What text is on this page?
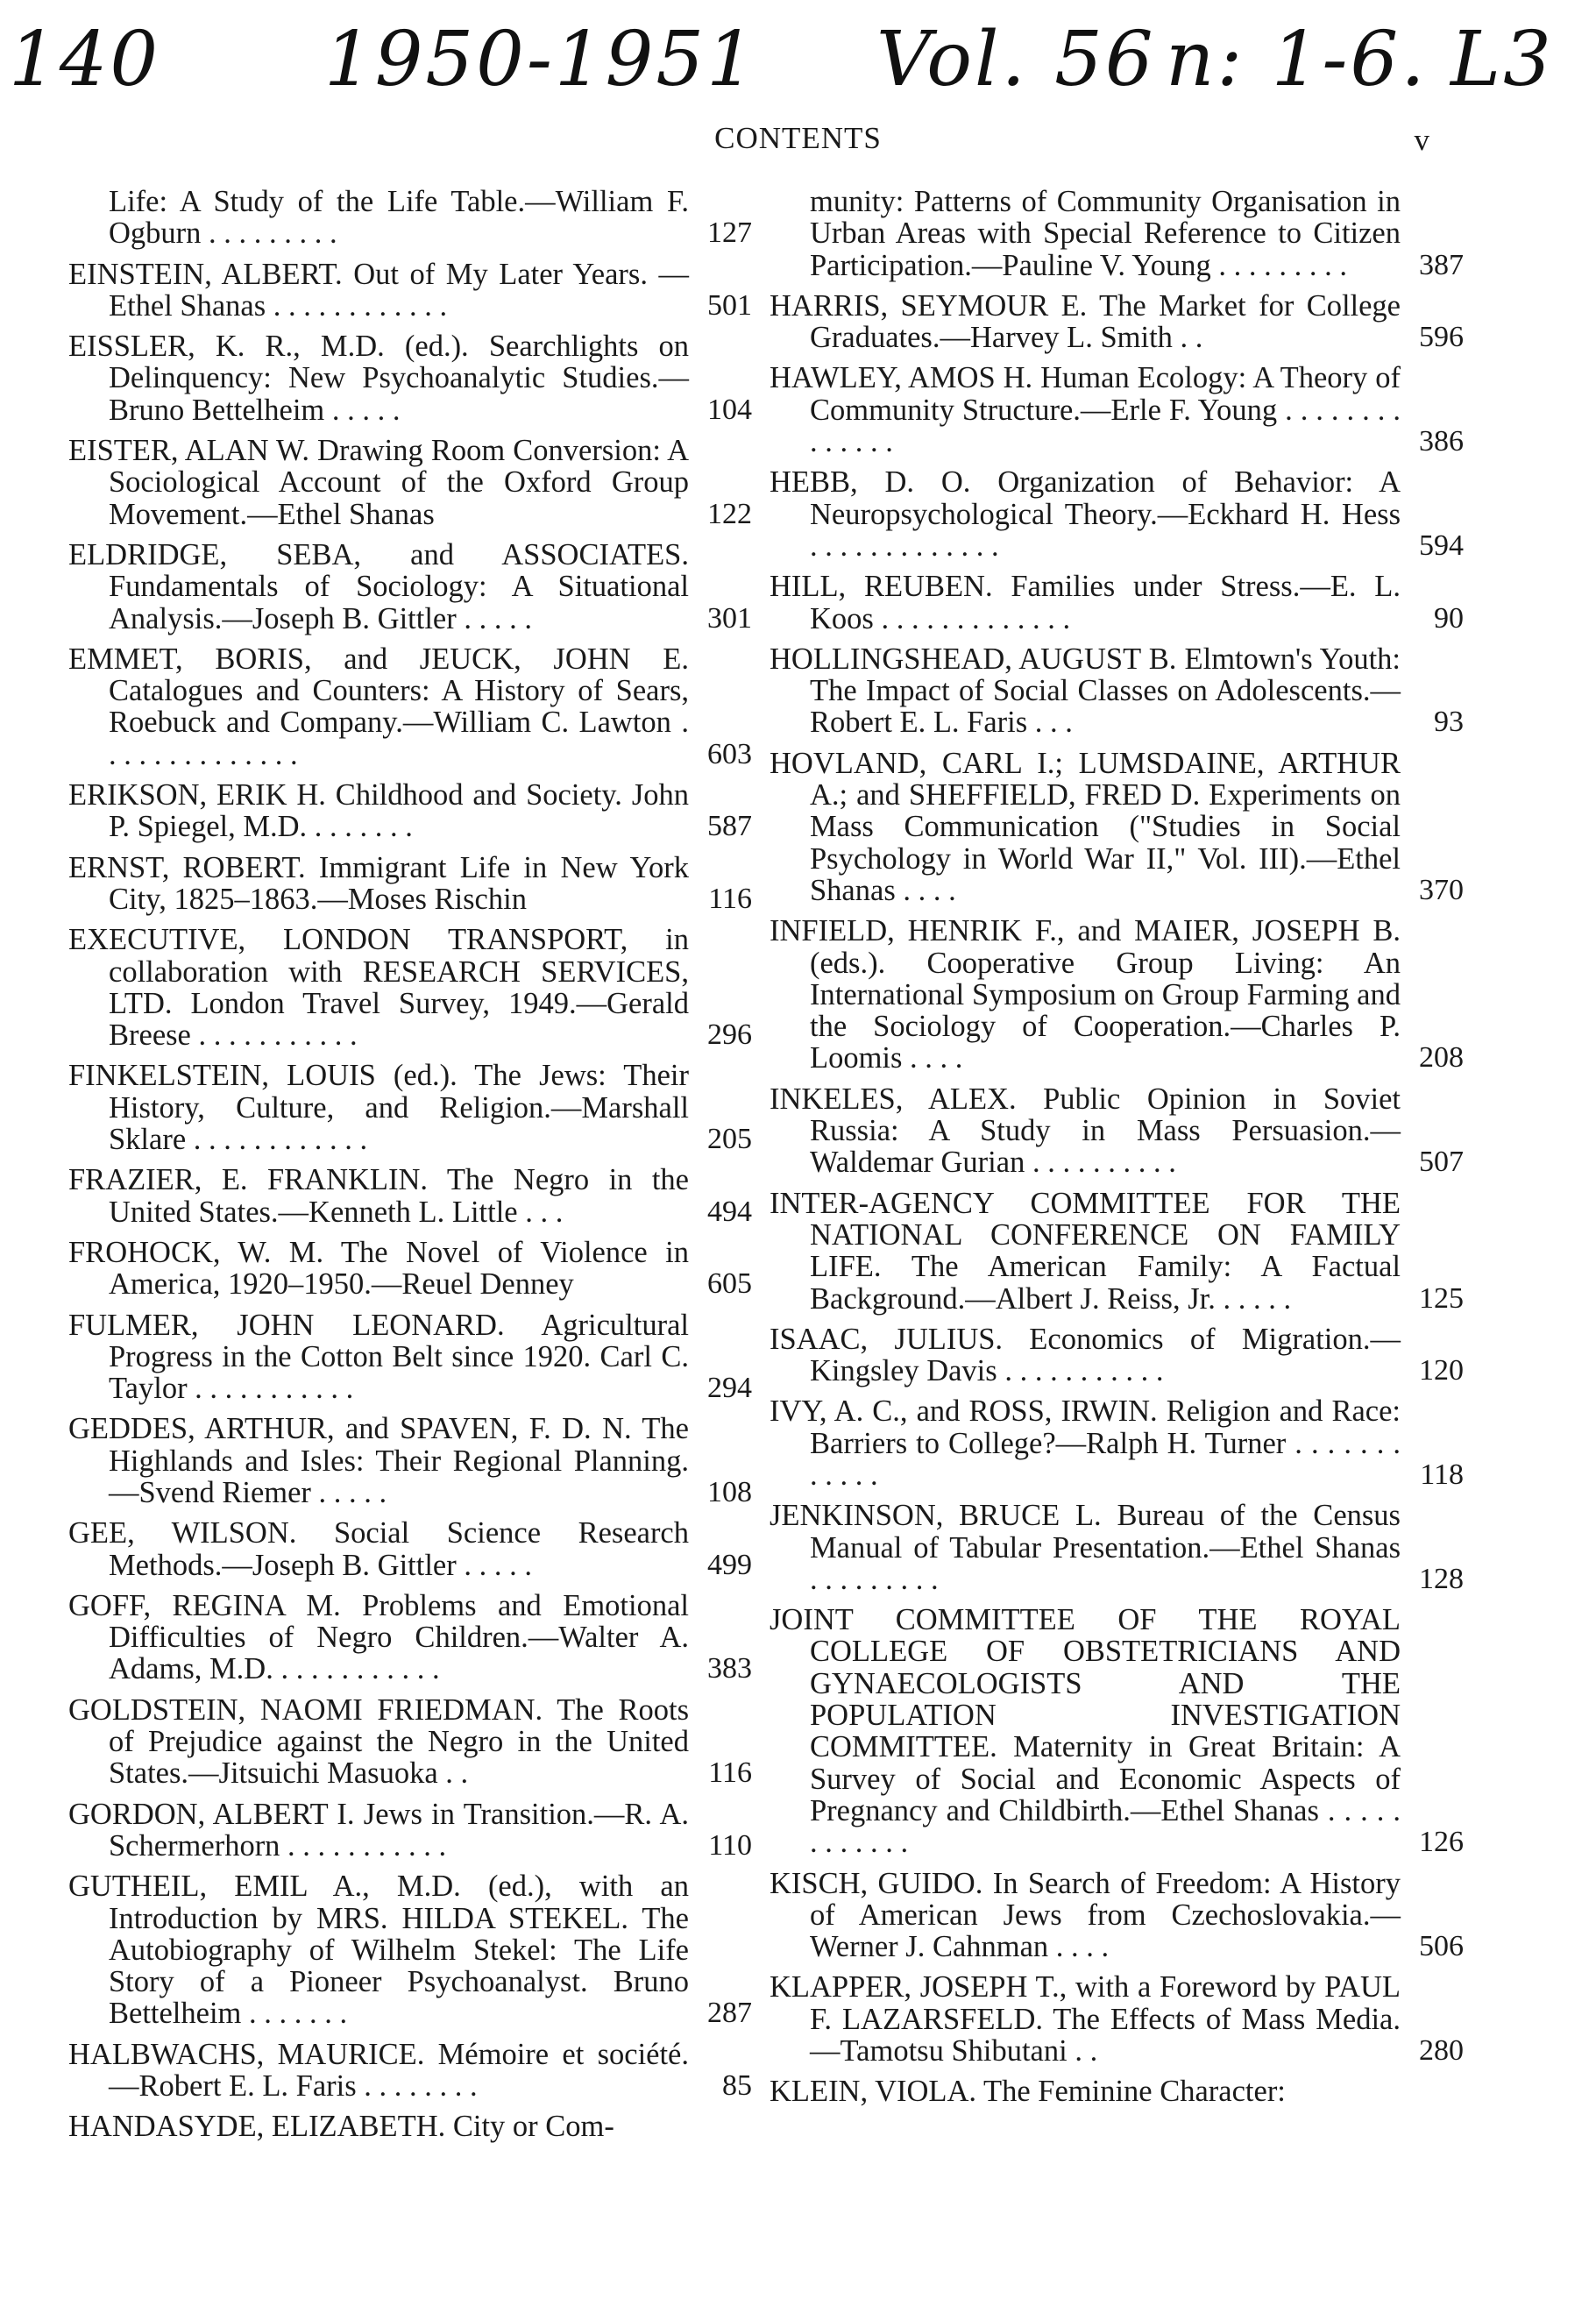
140 1950-1951 Vol. 56 n: 1-6. L3
CONTENTS	v
Life: A Study of the Life Table.—William F. Ogburn . . . . . . . . .	127
EINSTEIN, ALBERT. Out of My Later Years. —Ethel Shanas . . . . . . . . . . . .	501
EISSLER, K. R., M.D. (ed.). Searchlights on Delinquency: New Psychoanalytic Studies.—Bruno Bettelheim . . . . .	104
EISTER, ALAN W. Drawing Room Conversion: A Sociological Account of the Oxford Group Movement.—Ethel Shanas	122
ELDRIDGE, SEBA, and ASSOCIATES. Fundamentals of Sociology: A Situational Analysis.—Joseph B. Gittler . . . . .	301
EMMET, BORIS, and JEUCK, JOHN E. Catalogues and Counters: A History of Sears, Roebuck and Company.—William C. Lawton . . . . . . . . . . . . . .	603
ERIKSON, ERIK H. Childhood and Society. John P. Spiegel, M.D. . . . . . . .	587
ERNST, ROBERT. Immigrant Life in New York City, 1825–1863.—Moses Rischin	116
EXECUTIVE, LONDON TRANSPORT, in collaboration with RESEARCH SERVICES, LTD. London Travel Survey, 1949.—Gerald Breese . . . . . . . . . . .	296
FINKELSTEIN, LOUIS (ed.). The Jews: Their History, Culture, and Religion.—Marshall Sklare . . . . . . . . . . . .	205
FRAZIER, E. FRANKLIN. The Negro in the United States.—Kenneth L. Little . . .	494
FROHOCK, W. M. The Novel of Violence in America, 1920–1950.—Reuel Denney	605
FULMER, JOHN LEONARD. Agricultural Progress in the Cotton Belt since 1920. Carl C. Taylor . . . . . . . . . . .	294
GEDDES, ARTHUR, and SPAVEN, F. D. N. The Highlands and Isles: Their Regional Planning.—Svend Riemer . . . . .	108
GEE, WILSON. Social Science Research Methods.—Joseph B. Gittler . . . . .	499
GOFF, REGINA M. Problems and Emotional Difficulties of Negro Children.—Walter A. Adams, M.D. . . . . . . . . . . .	383
GOLDSTEIN, NAOMI FRIEDMAN. The Roots of Prejudice against the Negro in the United States.—Jitsuichi Masuoka . .	116
GORDON, ALBERT I. Jews in Transition.—R. A. Schermerhorn . . . . . . . . . . .	110
GUTHEIL, EMIL A., M.D. (ed.), with an Introduction by MRS. HILDA STEKEL. The Autobiography of Wilhelm Stekel: The Life Story of a Pioneer Psychoanalyst. Bruno Bettelheim . . . . . . .	287
HALBWACHS, MAURICE. Mémoire et société. —Robert E. L. Faris . . . . . . . .	85
HANDASYDE, ELIZABETH. City or Com-
munity: Patterns of Community Organisation in Urban Areas with Special Reference to Citizen Participation.—Pauline V. Young . . . . . . . . .	387
HARRIS, SEYMOUR E. The Market for College Graduates.—Harvey L. Smith . .	596
HAWLEY, AMOS H. Human Ecology: A Theory of Community Structure.—Erle F. Young . . . . . . . . . . . . . .	386
HEBB, D. O. Organization of Behavior: A Neuropsychological Theory.—Eckhard H. Hess . . . . . . . . . . . . .	594
HILL, REUBEN. Families under Stress.—E. L. Koos . . . . . . . . . . . . .	90
HOLLINGSHEAD, AUGUST B. Elmtown's Youth: The Impact of Social Classes on Adolescents.—Robert E. L. Faris . . .	93
HOVLAND, CARL I.; LUMSDAINE, ARTHUR A.; and SHEFFIELD, FRED D. Experiments on Mass Communication ("Studies in Social Psychology in World War II," Vol. III).—Ethel Shanas . . . .	370
INFIELD, HENRIK F., and MAIER, JOSEPH B. (eds.). Cooperative Group Living: An International Symposium on Group Farming and the Sociology of Cooperation.—Charles P. Loomis . . . .	208
INKELES, ALEX. Public Opinion in Soviet Russia: A Study in Mass Persuasion.—Waldemar Gurian . . . . . . . . . .	507
INTER-AGENCY COMMITTEE FOR THE NATIONAL CONFERENCE ON FAMILY LIFE. The American Family: A Factual Background.—Albert J. Reiss, Jr. . . . . .	125
ISAAC, JULIUS. Economics of Migration.—Kingsley Davis . . . . . . . . . . .	120
IVY, A. C., and ROSS, IRWIN. Religion and Race: Barriers to College?—Ralph H. Turner . . . . . . . . . . . .	118
JENKINSON, BRUCE L. Bureau of the Census Manual of Tabular Presentation.—Ethel Shanas . . . . . . . . .	128
JOINT COMMITTEE OF THE ROYAL COLLEGE OF OBSTETRICIANS AND GYNAECOLOGISTS AND THE POPULATION INVESTIGATION COMMITTEE. Maternity in Great Britain: A Survey of Social and Economic Aspects of Pregnancy and Childbirth.—Ethel Shanas . . . . . . . . . . . .	126
KISCH, GUIDO. In Search of Freedom: A History of American Jews from Czechoslovakia.—Werner J. Cahnman . . . .	506
KLAPPER, JOSEPH T., with a Foreword by PAUL F. LAZARSFELD. The Effects of Mass Media.—Tamotsu Shibutani . .	280
KLEIN, VIOLA. The Feminine Character:
